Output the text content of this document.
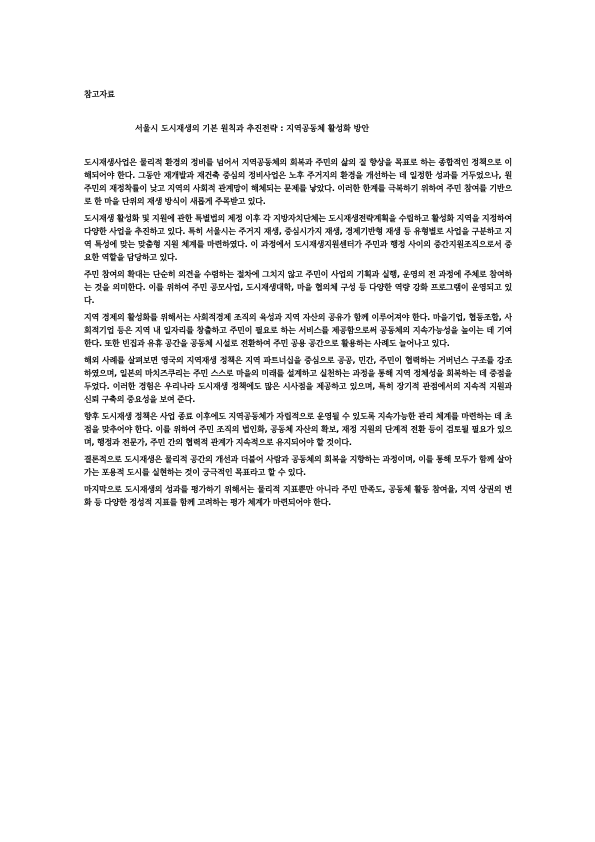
참고자료
서울시 도시재생의 기본 원칙과 추진전략 : 지역공동체 활성화 방안

도시재생사업은 물리적 환경의 정비를 넘어서 지역공동체의 회복과 주민의 삶의 질 향상을 목표로 하는 종합적인 정책으로 이해되어야 한다. 그동안 재개발과 재건축 중심의 정비사업은 노후 주거지의 환경을 개선하는 데 일정한 성과를 거두었으나, 원주민의 재정착률이 낮고 지역의 사회적 관계망이 해체되는 문제를 낳았다. 이러한 한계를 극복하기 위하여 주민 참여를 기반으로 한 마을 단위의 재생 방식이 새롭게 주목받고 있다.

도시재생 활성화 및 지원에 관한 특별법의 제정 이후 각 지방자치단체는 도시재생전략계획을 수립하고 활성화 지역을 지정하여 다양한 사업을 추진하고 있다. 특히 서울시는 주거지 재생, 중심시가지 재생, 경제기반형 재생 등 유형별로 사업을 구분하고 지역 특성에 맞는 맞춤형 지원 체계를 마련하였다. 이 과정에서 도시재생지원센터가 주민과 행정 사이의 중간지원조직으로서 중요한 역할을 담당하고 있다.

주민 참여의 확대는 단순히 의견을 수렴하는 절차에 그치지 않고 주민이 사업의 기획과 실행, 운영의 전 과정에 주체로 참여하는 것을 의미한다. 이를 위하여 주민 공모사업, 도시재생대학, 마을 협의체 구성 등 다양한 역량 강화 프로그램이 운영되고 있다.

지역 경제의 활성화를 위해서는 사회적경제 조직의 육성과 지역 자산의 공유가 함께 이루어져야 한다. 마을기업, 협동조합, 사회적기업 등은 지역 내 일자리를 창출하고 주민이 필요로 하는 서비스를 제공함으로써 공동체의 지속가능성을 높이는 데 기여한다. 또한 빈집과 유휴 공간을 공동체 시설로 전환하여 주민 공용 공간으로 활용하는 사례도 늘어나고 있다.

해외 사례를 살펴보면 영국의 지역재생 정책은 지역 파트너십을 중심으로 공공, 민간, 주민이 협력하는 거버넌스 구조를 강조하였으며, 일본의 마치즈쿠리는 주민 스스로 마을의 미래를 설계하고 실천하는 과정을 통해 지역 정체성을 회복하는 데 중점을 두었다. 이러한 경험은 우리나라 도시재생 정책에도 많은 시사점을 제공하고 있으며, 특히 장기적 관점에서의 지속적 지원과 신뢰 구축의 중요성을 보여 준다.

향후 도시재생 정책은 사업 종료 이후에도 지역공동체가 자립적으로 운영될 수 있도록 지속가능한 관리 체계를 마련하는 데 초점을 맞추어야 한다. 이를 위하여 주민 조직의 법인화, 공동체 자산의 확보, 재정 지원의 단계적 전환 등이 검토될 필요가 있으며, 행정과 전문가, 주민 간의 협력적 관계가 지속적으로 유지되어야 할 것이다.

결론적으로 도시재생은 물리적 공간의 개선과 더불어 사람과 공동체의 회복을 지향하는 과정이며, 이를 통해 모두가 함께 살아가는 포용적 도시를 실현하는 것이 궁극적인 목표라고 할 수 있다.

마지막으로 도시재생의 성과를 평가하기 위해서는 물리적 지표뿐만 아니라 주민 만족도, 공동체 활동 참여율, 지역 상권의 변화 등 다양한 정성적 지표를 함께 고려하는 평가 체계가 마련되어야 한다.
